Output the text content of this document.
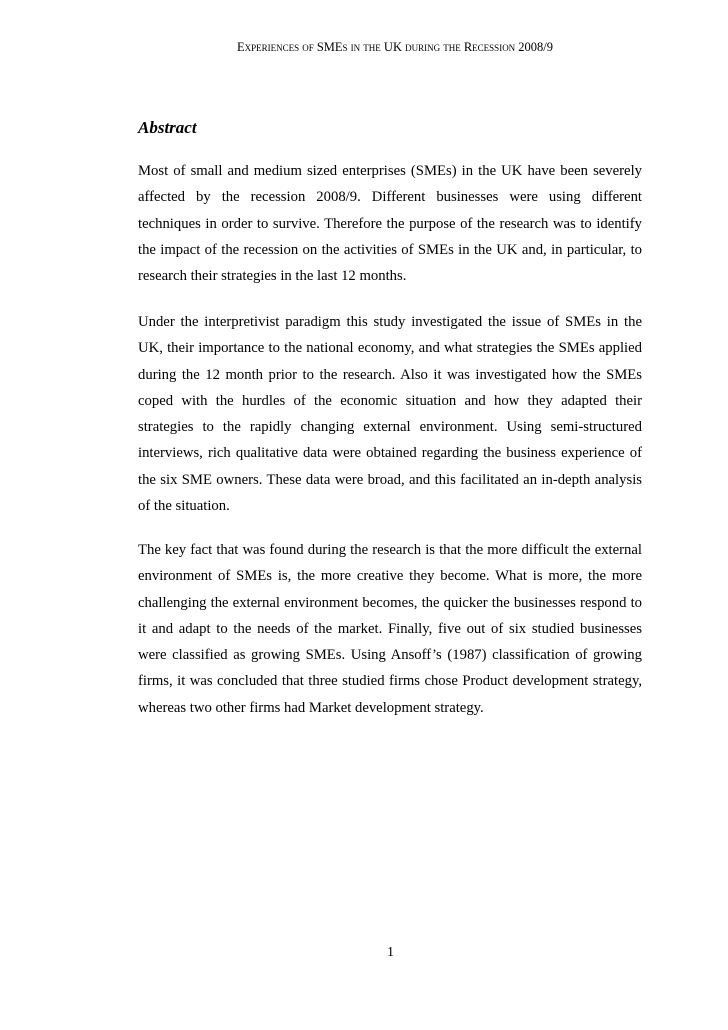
Experiences of SMEs in the UK during the Recession 2008/9
Abstract

Most of small and medium sized enterprises (SMEs) in the UK have been severely affected by the recession 2008/9. Different businesses were using different techniques in order to survive. Therefore the purpose of the research was to identify the impact of the recession on the activities of SMEs in the UK and, in particular, to research their strategies in the last 12 months.

Under the interpretivist paradigm this study investigated the issue of SMEs in the UK, their importance to the national economy, and what strategies the SMEs applied during the 12 month prior to the research. Also it was investigated how the SMEs coped with the hurdles of the economic situation and how they adapted their strategies to the rapidly changing external environment. Using semi-structured interviews, rich qualitative data were obtained regarding the business experience of the six SME owners. These data were broad, and this facilitated an in-depth analysis of the situation.

The key fact that was found during the research is that the more difficult the external environment of SMEs is, the more creative they become. What is more, the more challenging the external environment becomes, the quicker the businesses respond to it and adapt to the needs of the market. Finally, five out of six studied businesses were classified as growing SMEs. Using Ansoff’s (1987) classification of growing firms, it was concluded that three studied firms chose Product development strategy, whereas two other firms had Market development strategy.

1
